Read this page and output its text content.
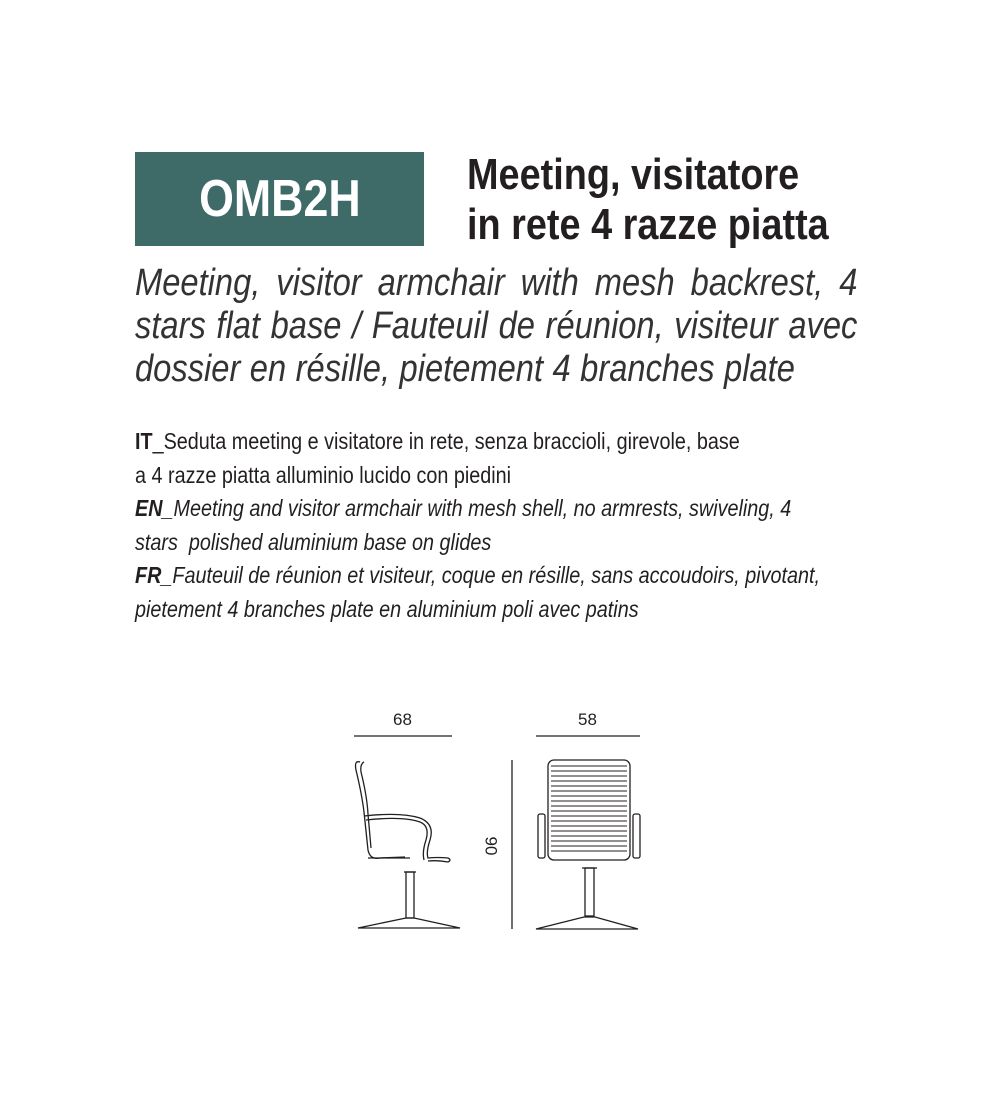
OMB2H Meeting, visitatore
in rete 4 razze piatta
Meeting, visitor armchair with mesh backrest, 4
stars flat base / Fauteuil de réunion, visiteur avec
dossier en résille, pietement 4 branches plate
IT_Seduta meeting e visitatore in rete, senza braccioli, girevole, base
a 4 razze piatta alluminio lucido con piedini
EN_Meeting and visitor armchair with mesh shell, no armrests, swiveling, 4
stars  polished aluminium base on glides
FR_Fauteuil de réunion et visiteur, coque en résille, sans accoudoirs, pivotant,
pietement 4 branches plate en aluminium poli avec patins
68	58
90
